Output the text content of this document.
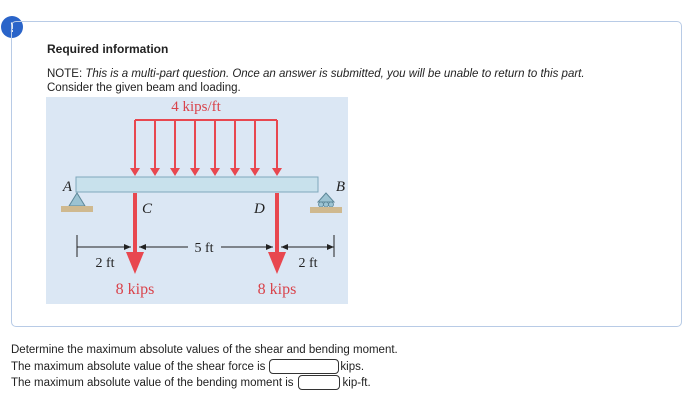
!
Required information
NOTE: This is a multi-part question. Once an answer is submitted, you will be unable to return to this part.
Consider the given beam and loading.
4 kips/ft
A	B
C	D
2 ft
5 ft
2 ft
8 kips	8 kips
Determine the maximum absolute values of the shear and bending moment.
The maximum absolute value of the shear force is	kips.
The maximum absolute value of the bending moment is	kip-ft.
